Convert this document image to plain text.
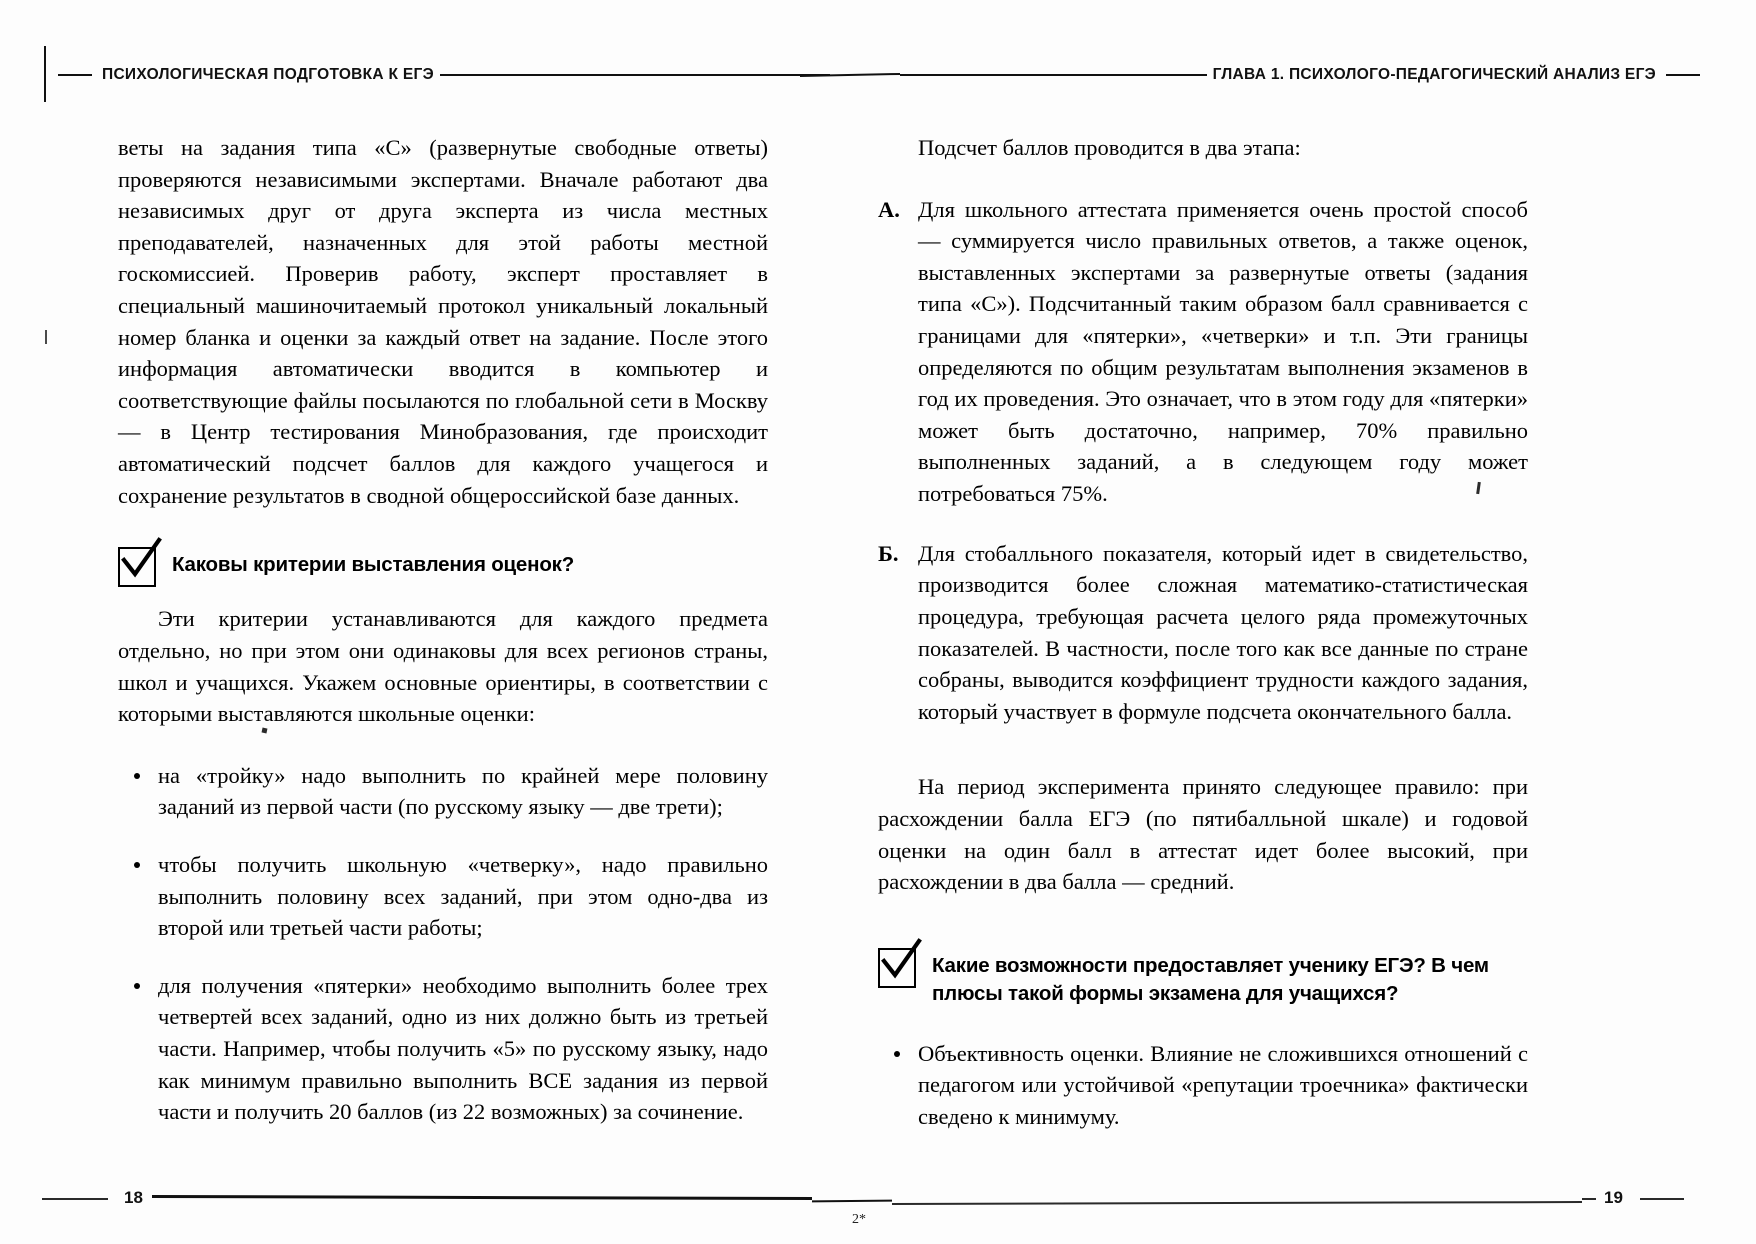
ПСИХОЛОГИЧЕСКАЯ ПОДГОТОВКА К ЕГЭ	ГЛАВА 1. ПСИХОЛОГО-ПЕДАГОГИЧЕСКИЙ АНАЛИЗ ЕГЭ

веты на задания типа «С» (развернутые свободные ответы) проверяются независимыми экспертами. Вначале работают два независимых друг от друга эксперта из числа местных преподавателей, назначенных для этой работы местной госкомиссией. Проверив работу, эксперт проставляет в специальный машиночитаемый протокол уникальный локальный номер бланка и оценки за каждый ответ на задание. После этого информация автоматически вводится в компьютер и соответствующие файлы посылаются по глобальной сети в Москву — в Центр тестирования Минобразования, где происходит автоматический подсчет баллов для каждого учащегося и сохранение результатов в сводной общероссийской базе данных.

Каковы критерии выставления оценок?

Эти критерии устанавливаются для каждого предмета отдельно, но при этом они одинаковы для всех регионов страны, школ и учащихся. Укажем основные ориентиры, в соответствии с которыми выставляются школьные оценки:

на «тройку» надо выполнить по крайней мере половину заданий из первой части (по русскому языку — две трети);
чтобы получить школьную «четверку», надо правильно выполнить половину всех заданий, при этом одно-два из второй или третьей части работы;
для получения «пятерки» необходимо выполнить более трех четвертей всех заданий, одно из них должно быть из третьей части. Например, чтобы получить «5» по русскому языку, надо как минимум правильно выполнить ВСЕ задания из первой части и получить 20 баллов (из 22 возможных) за сочинение.

Подсчет баллов проводится в два этапа:

А. Для школьного аттестата применяется очень простой способ — суммируется число правильных ответов, а также оценок, выставленных экспертами за развернутые ответы (задания типа «С»). Подсчитанный таким образом балл сравнивается с границами для «пятерки», «четверки» и т.п. Эти границы определяются по общим результатам выполнения экзаменов в год их проведения. Это означает, что в этом году для «пятерки» может быть достаточно, например, 70% правильно выполненных заданий, а в следующем году может потребоваться 75%.
Б. Для стобалльного показателя, который идет в свидетельство, производится более сложная математико-статистическая процедура, требующая расчета целого ряда промежуточных показателей. В частности, после того как все данные по стране собраны, выводится коэффициент трудности каждого задания, который участвует в формуле подсчета окончательного балла.

На период эксперимента принято следующее правило: при расхождении балла ЕГЭ (по пятибалльной шкале) и годовой оценки на один балл в аттестат идет более высокий, при расхождении в два балла — средний.

Какие возможности предоставляет ученику ЕГЭ? В чем плюсы такой формы экзамена для учащихся?
Объективность оценки. Влияние не сложившихся отношений с педагогом или устойчивой «репутации троечника» фактически сведено к минимуму.
18	19
2*
